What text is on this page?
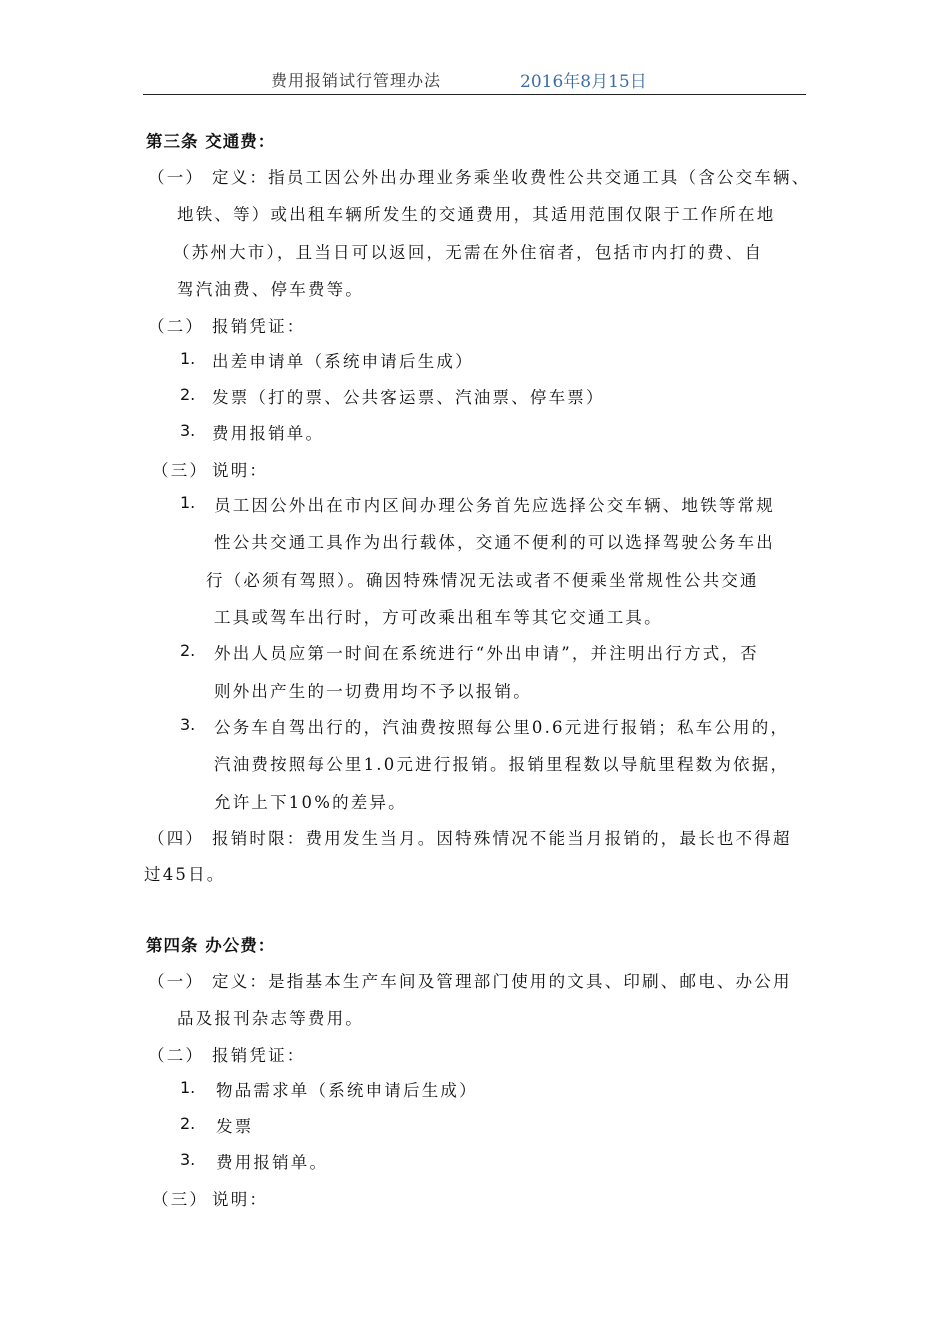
费用报销试行管理办法	2016年8月15日
第三条 交通费：
（一） 定义：指员工因公外出办理业务乘坐收费性公共交通工具（含公交车辆、
地铁、等）或出租车辆所发生的交通费用，其适用范围仅限于工作所在地
（苏州大市），且当日可以返回，无需在外住宿者，包括市内打的费、自
驾汽油费、停车费等。
（二） 报销凭证：
1. 出差申请单（系统申请后生成）
2. 发票（打的票、公共客运票、汽油票、停车票）
3. 费用报销单。
（三） 说明：
1. 员工因公外出在市内区间办理公务首先应选择公交车辆、地铁等常规
性公共交通工具作为出行载体，交通不便利的可以选择驾驶公务车出
行（必须有驾照）。确因特殊情况无法或者不便乘坐常规性公共交通
工具或驾车出行时，方可改乘出租车等其它交通工具。
2. 外出人员应第一时间在系统进行“外出申请”，并注明出行方式，否
则外出产生的一切费用均不予以报销。
3. 公务车自驾出行的，汽油费按照每公里0.6元进行报销；私车公用的，
汽油费按照每公里1.0元进行报销。报销里程数以导航里程数为依据，
允许上下10%的差异。
（四） 报销时限：费用发生当月。因特殊情况不能当月报销的，最长也不得超
过45日。
第四条 办公费：
（一） 定义：是指基本生产车间及管理部门使用的文具、印刷、邮电、办公用
品及报刊杂志等费用。
（二） 报销凭证：
1. 物品需求单（系统申请后生成）
2. 发票
3. 费用报销单。
（三） 说明：
